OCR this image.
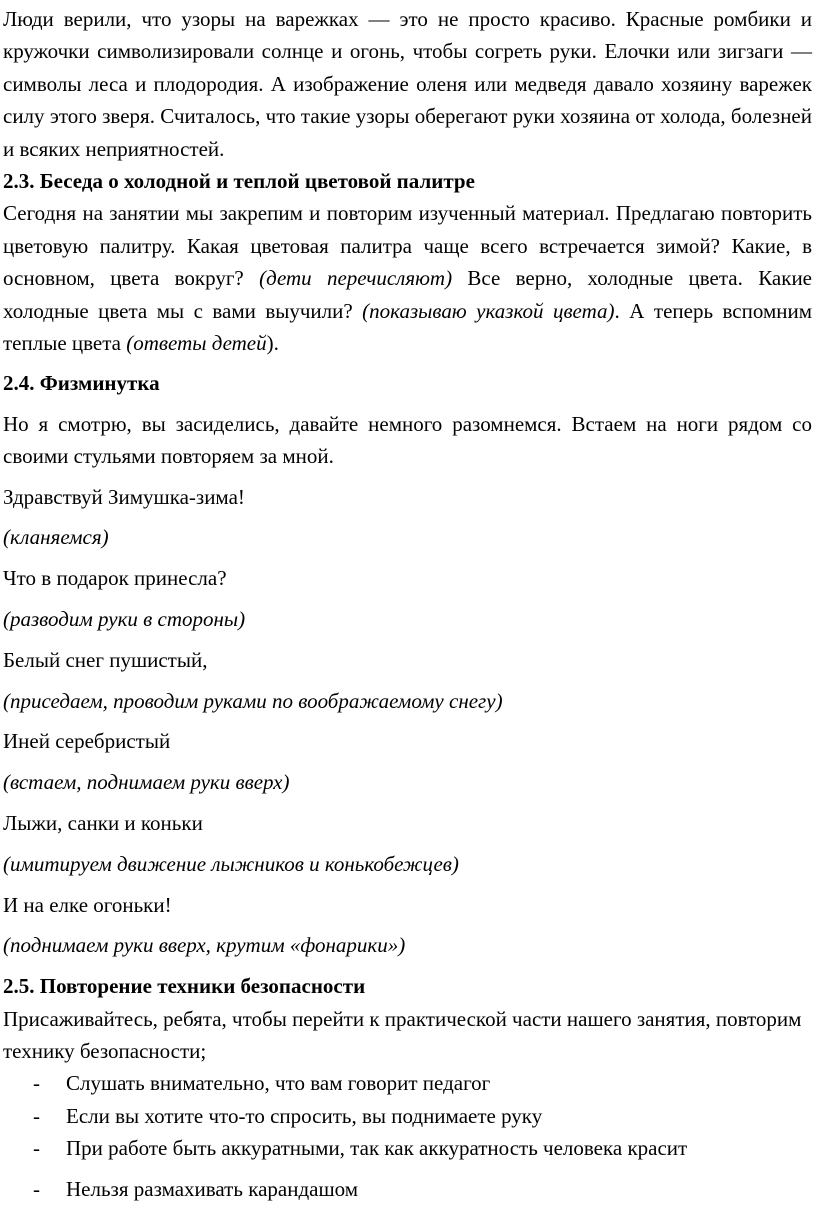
Люди верили, что узоры на варежках — это не просто красиво. Красные ромбики и кружочки символизировали солнце и огонь, чтобы согреть руки. Елочки или зигзаги — символы леса и плодородия. А изображение оленя или медведя давало хозяину варежек силу этого зверя. Считалось, что такие узоры оберегают руки хозяина от холода, болезней и всяких неприятностей.

2.3. Беседа о холодной и теплой цветовой палитре

Сегодня на занятии мы закрепим и повторим изученный материал. Предлагаю повторить цветовую палитру. Какая цветовая палитра чаще всего встречается зимой? Какие, в основном, цвета вокруг? (дети перечисляют) Все верно, холодные цвета. Какие холодные цвета мы с вами выучили? (показываю указкой цвета). А теперь вспомним теплые цвета (ответы детей).

2.4. Физминутка

Но я смотрю, вы засиделись, давайте немного разомнемся. Встаем на ноги рядом со своими стульями повторяем за мной.

Здравствуй Зимушка-зима!

(кланяемся)

Что в подарок принесла?

(разводим руки в стороны)

Белый снег пушистый,

(приседаем, проводим руками по воображаемому снегу)

Иней серебристый

(встаем, поднимаем руки вверх)

Лыжи, санки и коньки

(имитируем движение лыжников и конькобежцев)

И на елке огоньки!

(поднимаем руки вверх, крутим «фонарики»)

2.5. Повторение техники безопасности

Присаживайтесь, ребята, чтобы перейти к практической части нашего занятия, повторим технику безопасности;

- Слушать внимательно, что вам говорит педагог

- Если вы хотите что-то спросить, вы поднимаете руку

- При работе быть аккуратными, так как аккуратность человека красит

- Нельзя размахивать карандашом
